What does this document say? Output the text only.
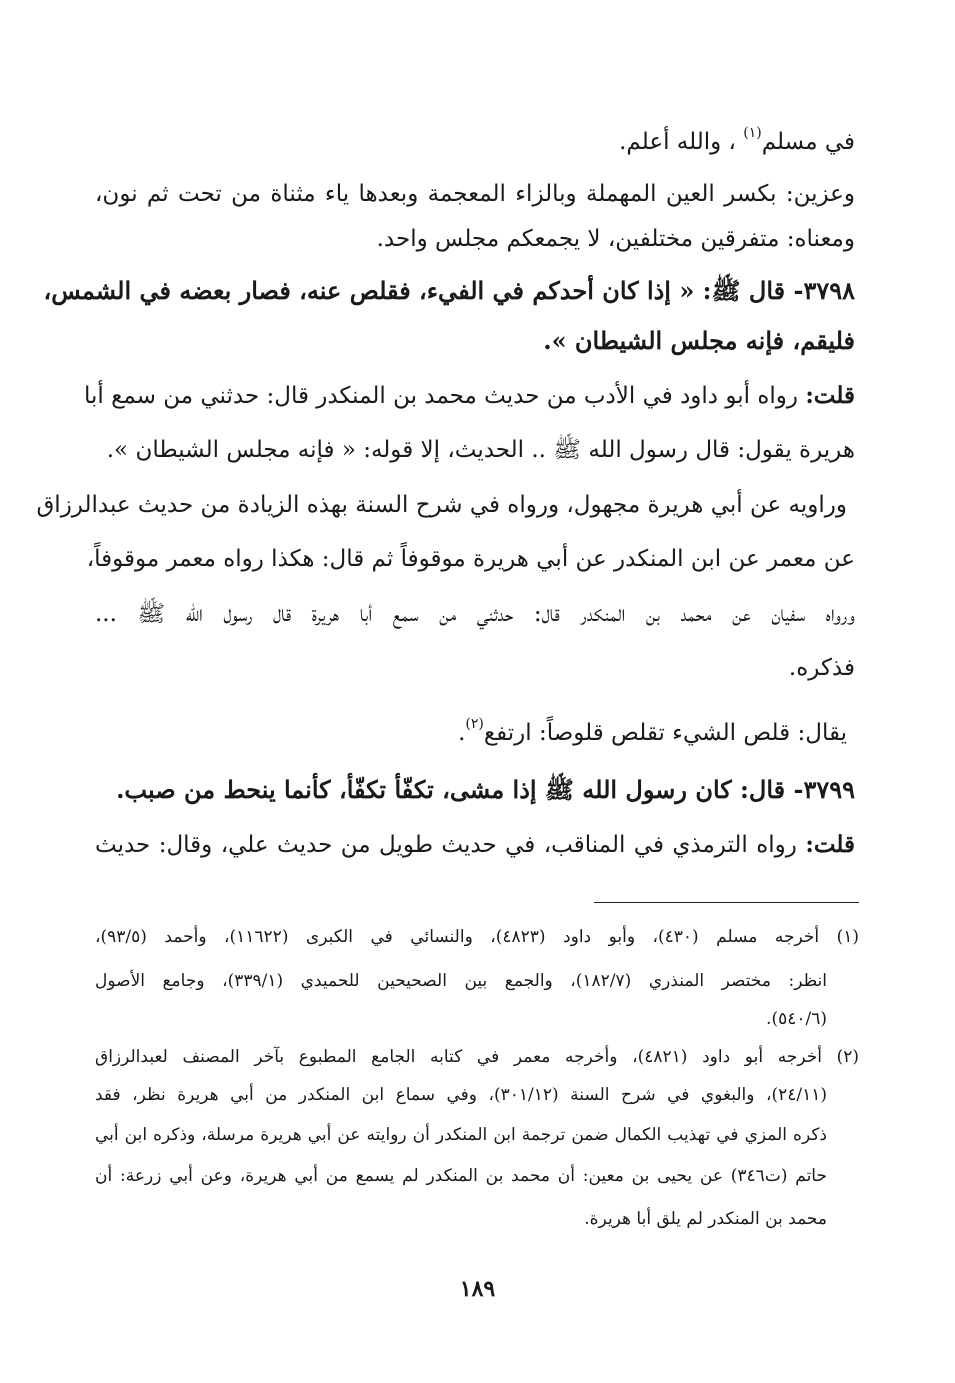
في مسلم$^{(١)}$ ، والله أعلم.
وعزين: بكسر العين المهملة وبالزاء المعجمة وبعدها ياء مثناة من تحت ثم نون،
ومعناه: متفرقين مختلفين، لا يجمعكم مجلس واحد.
٣٧٩٨- قال ﷺ: « إذا كان أحدكم في الفيء، فقلص عنه، فصار بعضه في الشمس،
فليقم، فإنه مجلس الشيطان ».
قلت: رواه أبو داود في الأدب من حديث محمد بن المنكدر قال: حدثني من سمع أبا
هريرة يقول: قال رسول الله ﷺ .. الحديث، إلا قوله: « فإنه مجلس الشيطان ».
وراويه عن أبي هريرة مجهول، ورواه في شرح السنة بهذه الزيادة من حديث عبدالرزاق
عن معمر عن ابن المنكدر عن أبي هريرة موقوفاً ثم قال: هكذا رواه معمر موقوفاً،
ورواه سفيان عن محمد بن المنكدر قال: حدثني من سمع أبا هريرة قال رسول الله ﷺ ...
فذكره.
يقال: قلص الشيء تقلص قلوصاً: ارتفع$^{(٢)}$.
٣٧٩٩- قال: كان رسول الله ﷺ إذا مشى، تكفّأ تكفّأ، كأنما ينحط من صبب.
قلت: رواه الترمذي في المناقب، في حديث طويل من حديث علي، وقال: حديث
(١) أخرجه مسلم (٤٣٠)، وأبو داود (٤٨٢٣)، والنسائي في الكبرى (١١٦٢٢)، وأحمد (٩٣/٥)،
انظر: مختصر المنذري (١٨٢/٧)، والجمع بين الصحيحين للحميدي (٣٣٩/١)، وجامع الأصول
(٥٤٠/٦).
(٢) أخرجه أبو داود (٤٨٢١)، وأخرجه معمر في كتابه الجامع المطبوع بآخر المصنف لعبدالرزاق
(٢٤/١١)، والبغوي في شرح السنة (٣٠١/١٢)، وفي سماع ابن المنكدر من أبي هريرة نظر، فقد
ذكره المزي في تهذيب الكمال ضمن ترجمة ابن المنكدر أن روايته عن أبي هريرة مرسلة، وذكره ابن أبي
حاتم (ت٣٤٦) عن يحيى بن معين: أن محمد بن المنكدر لم يسمع من أبي هريرة، وعن أبي زرعة: أن
محمد بن المنكدر لم يلق أبا هريرة.
١٨٩
